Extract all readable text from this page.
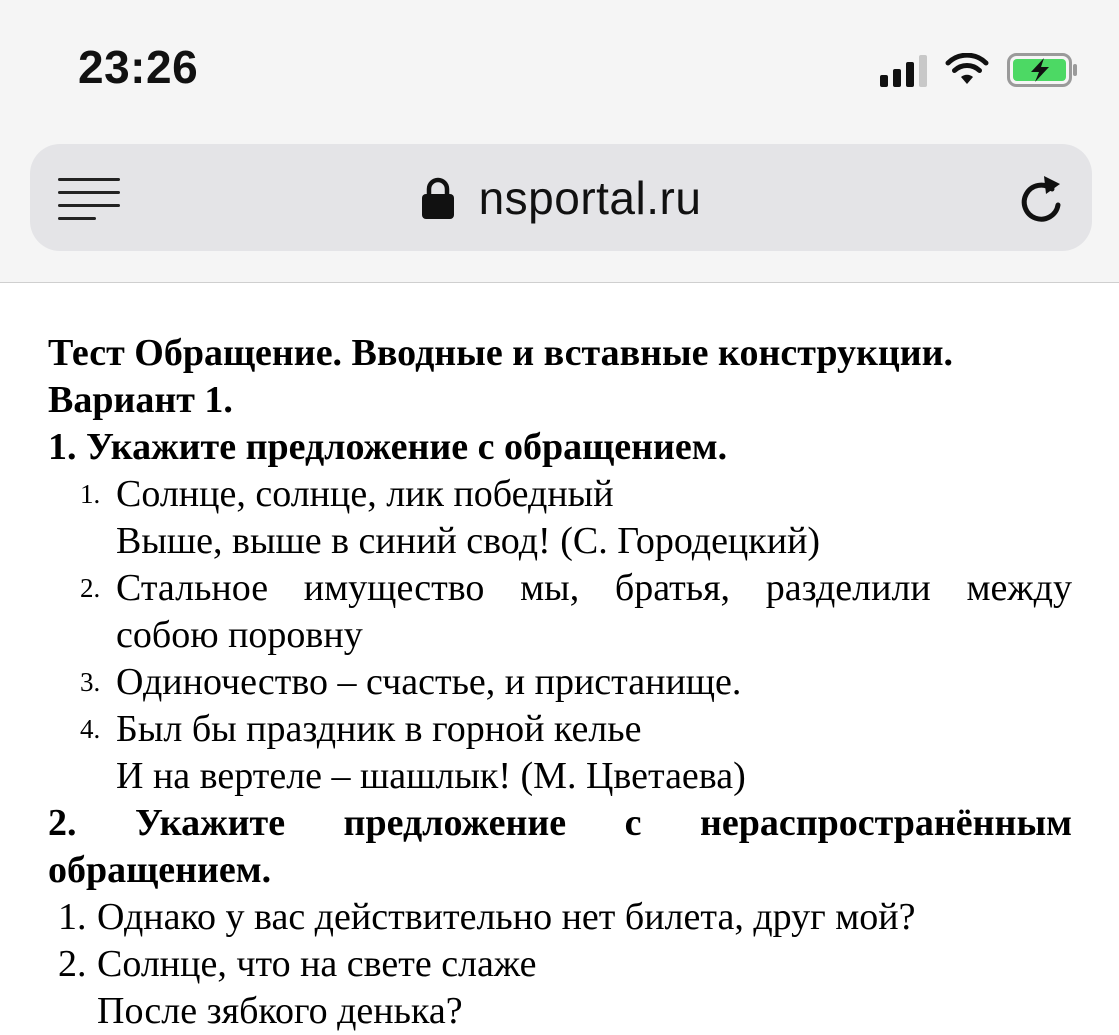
23:26
nsportal.ru
Тест Обращение. Вводные и вставные конструкции.
Вариант 1.
1. Укажите предложение с обращением.
1. Солнце, солнце, лик победный
Выше, выше в синий свод! (С. Городецкий)
2. Стальное имущество мы, братья, разделили между
собою поровну
3. Одиночество – счастье, и пристанище.
4. Был бы праздник в горной келье
И на вертеле – шашлык! (М. Цветаева)
2. Укажите предложение с нераспространённым
обращением.
1. Однако у вас действительно нет билета, друг мой?
2. Солнце, что на свете слаже
После зябкого денька?
